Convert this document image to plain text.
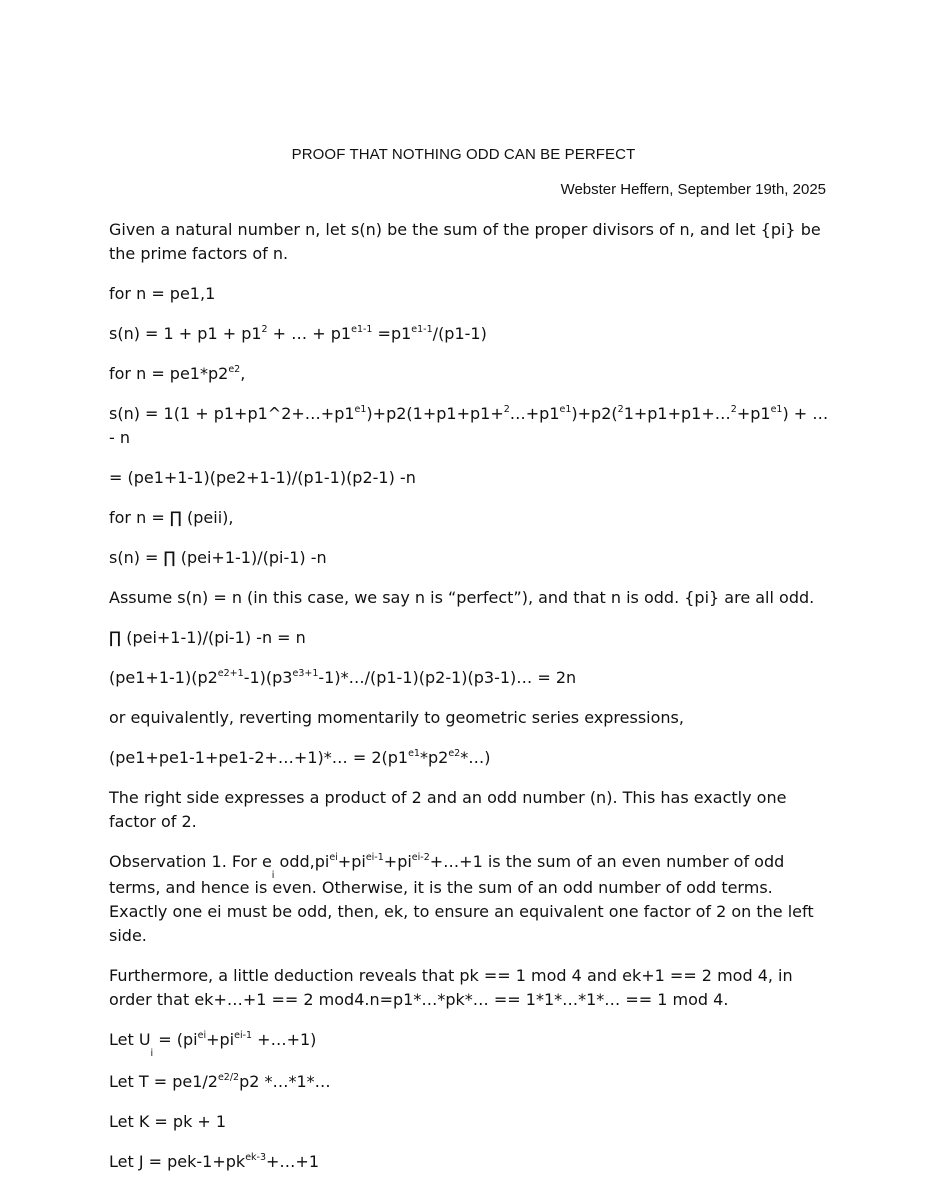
PROOF THAT NOTHING ODD CAN BE PERFECT
Webster Heffern, September 19th, 2025
Given a natural number n, let s(n) be the sum of the proper divisors of n, and let {pi} be the prime factors of n.
for n = pe1,1
$s(n) = 1 + p1 + p1^2$ + … + $p1^{e1-1} =p1^{e1-1}/(p1-1)$
for $n = pe1*p2^{e2}$,
$s(n) = 1(1 + p1+p1\^{}2+\dots+p1^{e1})+p2(1+p1+p1+^2\dots+p1^{e1})+p2(^21+p1+p1+\dots^2+p1^{e1})$ + … - n
= (pe1+1-1)(pe2+1-1)/(p1-1)(p2-1) -n
for n = ∏ (peii),
s(n) = ∏ (pei+1-1)/(pi-1) -n
Assume s(n) = n (in this case, we say n is “perfect”), and that n is odd. {pi} are all odd.
∏ (pei+1-1)/(pi-1) -n = n
$(pe1+1-1)(p2^{e2+1}-1)(p3^{e3+1}-1)*\dots/(p1-1)(p2-1)(p3-1)\dots = 2n$
or equivalently, reverting momentarily to geometric series expressions,
(pe1+pe1-1+pe1-2+…+1)*… = $2(p1^{e1}*p2^{e2}*\dots)$
The right side expresses a product of 2 and an odd number (n). This has exactly one factor of 2.
Observation 1. For $e_i$ $odd,pi^{ei}+pi^{ei-1}+pi^{ei-2}+\dots+1$ is the sum of an even number of odd terms, and hence is even. Otherwise, it is the sum of an odd number of odd terms. Exactly one ei must be odd, then, ek, to ensure an equivalent one factor of 2 on the left side.
Furthermore, a little deduction reveals that pk == 1 mod 4 and ek+1 == 2 mod 4, in order that ek+…+1 == 2 mod4.n=p1*…*pk*… == 1*1*…*1*… == 1 mod 4.
Let $U_i = (pi^{ei}+pi^{ei-1}$ +…+1)
Let $T = pe1/2^{e2/2}p2$ *…*1*…
Let K = pk + 1
Let J = pek-$1+pk^{ek-3}+\dots+1$
